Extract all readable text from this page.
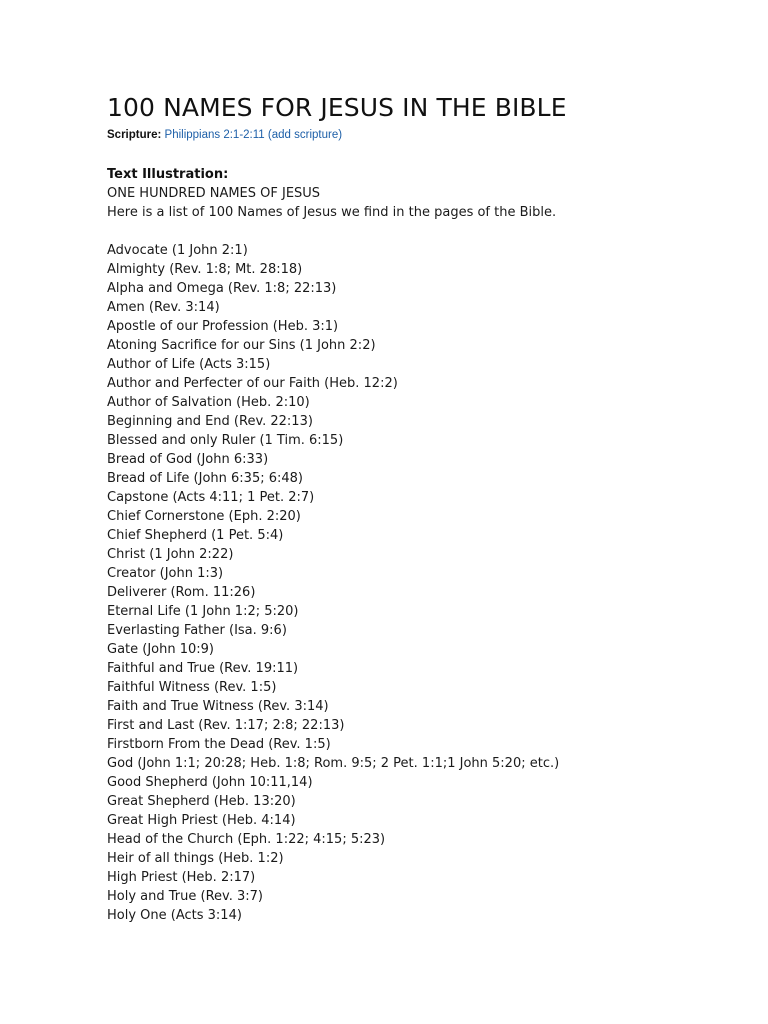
100 NAMES FOR JESUS IN THE BIBLE
Scripture: Philippians 2:1-2:11 (add scripture)
Text Illustration:
ONE HUNDRED NAMES OF JESUS
Here is a list of 100 Names of Jesus we find in the pages of the Bible.
Advocate (1 John 2:1)
Almighty (Rev. 1:8; Mt. 28:18)
Alpha and Omega (Rev. 1:8; 22:13)
Amen (Rev. 3:14)
Apostle of our Profession (Heb. 3:1)
Atoning Sacrifice for our Sins (1 John 2:2)
Author of Life (Acts 3:15)
Author and Perfecter of our Faith (Heb. 12:2)
Author of Salvation (Heb. 2:10)
Beginning and End (Rev. 22:13)
Blessed and only Ruler (1 Tim. 6:15)
Bread of God (John 6:33)
Bread of Life (John 6:35; 6:48)
Capstone (Acts 4:11; 1 Pet. 2:7)
Chief Cornerstone (Eph. 2:20)
Chief Shepherd (1 Pet. 5:4)
Christ (1 John 2:22)
Creator (John 1:3)
Deliverer (Rom. 11:26)
Eternal Life (1 John 1:2; 5:20)
Everlasting Father (Isa. 9:6)
Gate (John 10:9)
Faithful and True (Rev. 19:11)
Faithful Witness (Rev. 1:5)
Faith and True Witness (Rev. 3:14)
First and Last (Rev. 1:17; 2:8; 22:13)
Firstborn From the Dead (Rev. 1:5)
God (John 1:1; 20:28; Heb. 1:8; Rom. 9:5; 2 Pet. 1:1;1 John 5:20; etc.)
Good Shepherd (John 10:11,14)
Great Shepherd (Heb. 13:20)
Great High Priest (Heb. 4:14)
Head of the Church (Eph. 1:22; 4:15; 5:23)
Heir of all things (Heb. 1:2)
High Priest (Heb. 2:17)
Holy and True (Rev. 3:7)
Holy One (Acts 3:14)
